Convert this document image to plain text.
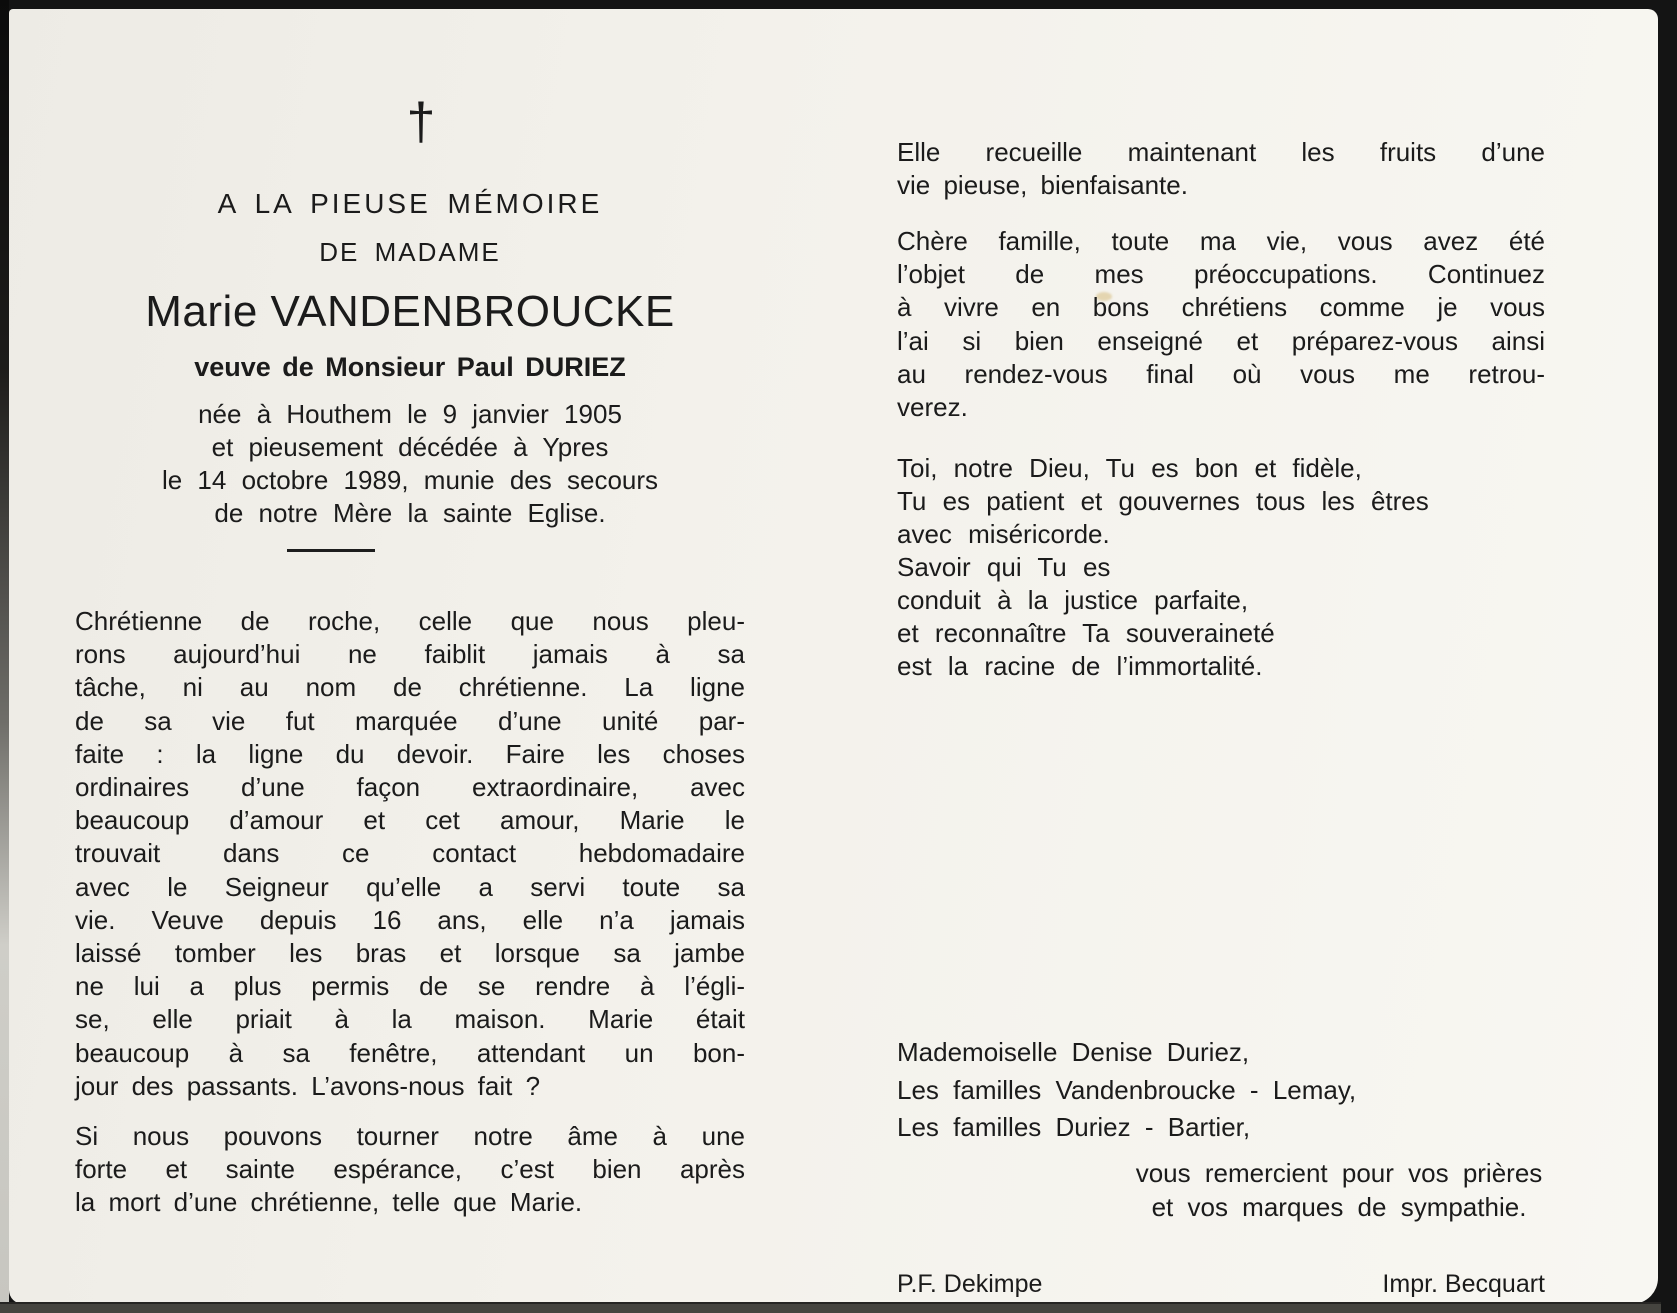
†
A LA PIEUSE MÉMOIRE
DE MADAME
Marie VANDENBROUCKE
veuve de Monsieur Paul DURIEZ
née à Houthem le 9 janvier 1905
et pieusement décédée à Ypres
le 14 octobre 1989, munie des secours
de notre Mère la sainte Eglise.
Chrétienne de roche, celle que nous pleu-
rons aujourd’hui ne faiblit jamais à sa
tâche, ni au nom de chrétienne. La ligne
de sa vie fut marquée d’une unité par-
faite : la ligne du devoir. Faire les choses
ordinaires d’une façon extraordinaire, avec
beaucoup d’amour et cet amour, Marie le
trouvait dans ce contact hebdomadaire
avec le Seigneur qu’elle a servi toute sa
vie. Veuve depuis 16 ans, elle n’a jamais
laissé tomber les bras et lorsque sa jambe
ne lui a plus permis de se rendre à l’égli-
se, elle priait à la maison. Marie était
beaucoup à sa fenêtre, attendant un bon-
jour des passants. L’avons-nous fait ?
Si nous pouvons tourner notre âme à une
forte et sainte espérance, c’est bien après
la mort d’une chrétienne, telle que Marie.
Elle recueille maintenant les fruits d’une
vie pieuse, bienfaisante.
Chère famille, toute ma vie, vous avez été
l’objet de mes préoccupations. Continuez
à vivre en bons chrétiens comme je vous
l’ai si bien enseigné et préparez-vous ainsi
au rendez-vous final où vous me retrou-
verez.
Toi, notre Dieu, Tu es bon et fidèle,
Tu es patient et gouvernes tous les êtres
avec miséricorde.
Savoir qui Tu es
conduit à la justice parfaite,
et reconnaître Ta souveraineté
est la racine de l’immortalité.
Mademoiselle Denise Duriez,
Les familles Vandenbroucke - Lemay,
Les familles Duriez - Bartier,
vous remercient pour vos prières
et vos marques de sympathie.
P.F. Dekimpe	Impr. Becquart
